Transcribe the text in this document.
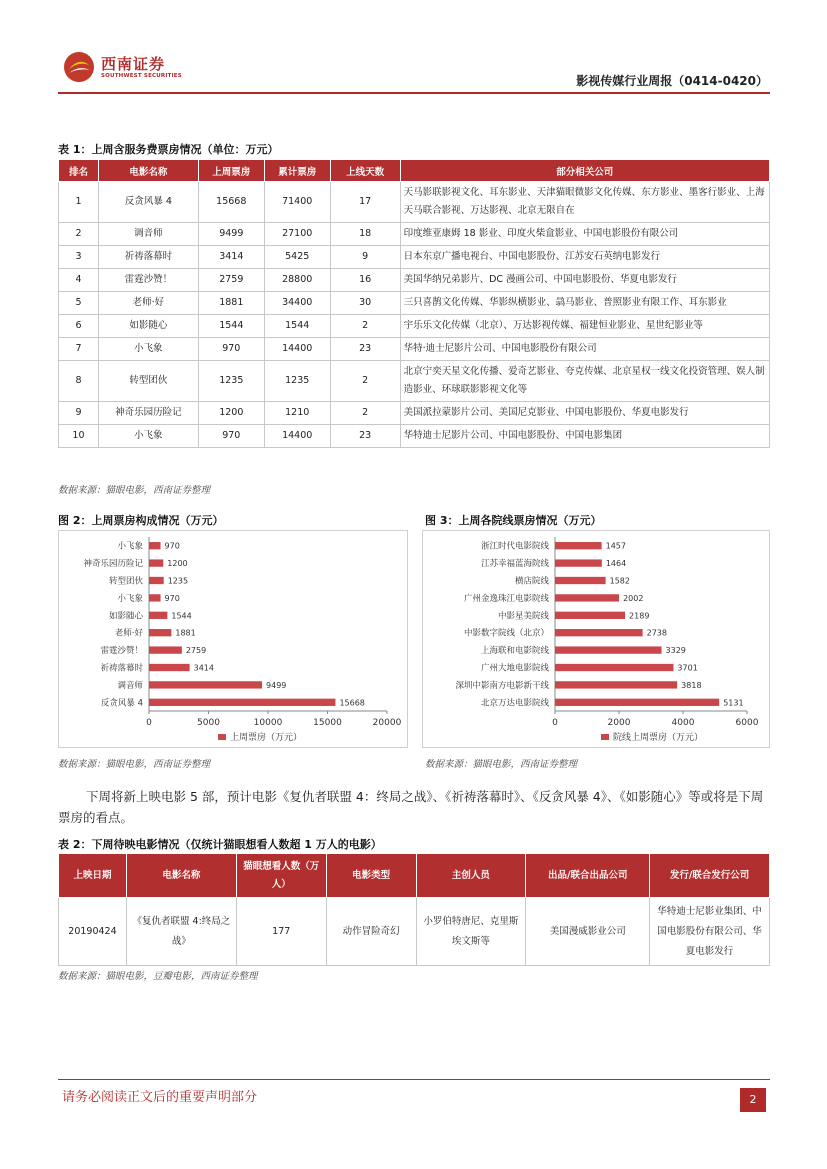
西南证券
SOUTHWEST SECURITIES	影视传媒行业周报（0414-0420）
表 1：上周含服务费票房情况（单位：万元）
排名	电影名称	上周票房	累计票房	上线天数	部分相关公司
1	反贪风暴 4	15668	71400	17	天马影联影视文化、耳东影业、天津猫眼微影文化传媒、东方影业、墨客行影业、上海天马联合影视、万达影视、北京无限自在
2	调音师	9499	27100	18	印度维亚康姆 18 影业、印度火柴盒影业、中国电影股份有限公司
3	祈祷落幕时	3414	5425	9	日本东京广播电视台、中国电影股份、江苏安石英纳电影发行
4	雷霆沙赞！	2759	28800	16	美国华纳兄弟影片、DC 漫画公司、中国电影股份、华夏电影发行
5	老师·好	1881	34400	30	三只喜鹊文化传媒、华影纵横影业、骉马影业、普照影业有限工作、耳东影业
6	如影随心	1544	1544	2	宇乐乐文化传媒（北京）、万达影视传媒、福建恒业影业、星世纪影业等
7	小飞象	970	14400	23	华特·迪士尼影片公司、中国电影股份有限公司
8	转型团伙	1235	1235	2	北京宁奕天星文化传播、爱奇艺影业、夸克传媒、北京星权一线文化投资管理、娱人制造影业、环球联影影视文化等
9	神奇乐园历险记	1200	1210	2	美国派拉蒙影片公司、美国尼克影业、中国电影股份、华夏电影发行
10	小飞象	970	14400	23	华特迪士尼影片公司、中国电影股份、中国电影集团
数据来源：猫眼电影，西南证券整理
图 2：上周票房构成情况（万元）
0	5000	10000	15000	20000
小飞象	970
神奇乐园历险记	1200
转型团伙	1235
小飞象	970
如影随心	1544
老师·好	1881
雷霆沙赞！	2759
祈祷落幕时	3414
调音师	9499
反贪风暴 4	15668
上周票房（万元）
数据来源：猫眼电影，西南证券整理
图 3：上周各院线票房情况（万元）
0	2000	4000	6000
浙江时代电影院线	1457
江苏幸福蓝海院线	1464
横店院线	1582
广州金逸珠江电影院线	2002
中影星美院线	2189
中影数字院线（北京）	2738
上海联和电影院线	3329
广州大地电影院线	3701
深圳中影南方电影新干线	3818
北京万达电影院线	5131
院线上周票房（万元）
数据来源：猫眼电影，西南证券整理
下周将新上映电影 5 部，预计电影《复仇者联盟 4：终局之战》、《祈祷落幕时》、《反贪风暴 4》、《如影随心》等或将是下周票房的看点。
表 2：下周待映电影情况（仅统计猫眼想看人数超 1 万人的电影）
上映日期	电影名称	猫眼想看人数（万人）	电影类型	主创人员	出品/联合出品公司	发行/联合发行公司
20190424	《复仇者联盟 4:终局之战》	177	动作冒险奇幻	小罗伯特唐尼、克里斯埃文斯等	美国漫威影业公司	华特迪士尼影业集团、中国电影股份有限公司、华夏电影发行
数据来源：猫眼电影，豆瓣电影，西南证券整理
请务必阅读正文后的重要声明部分	2
